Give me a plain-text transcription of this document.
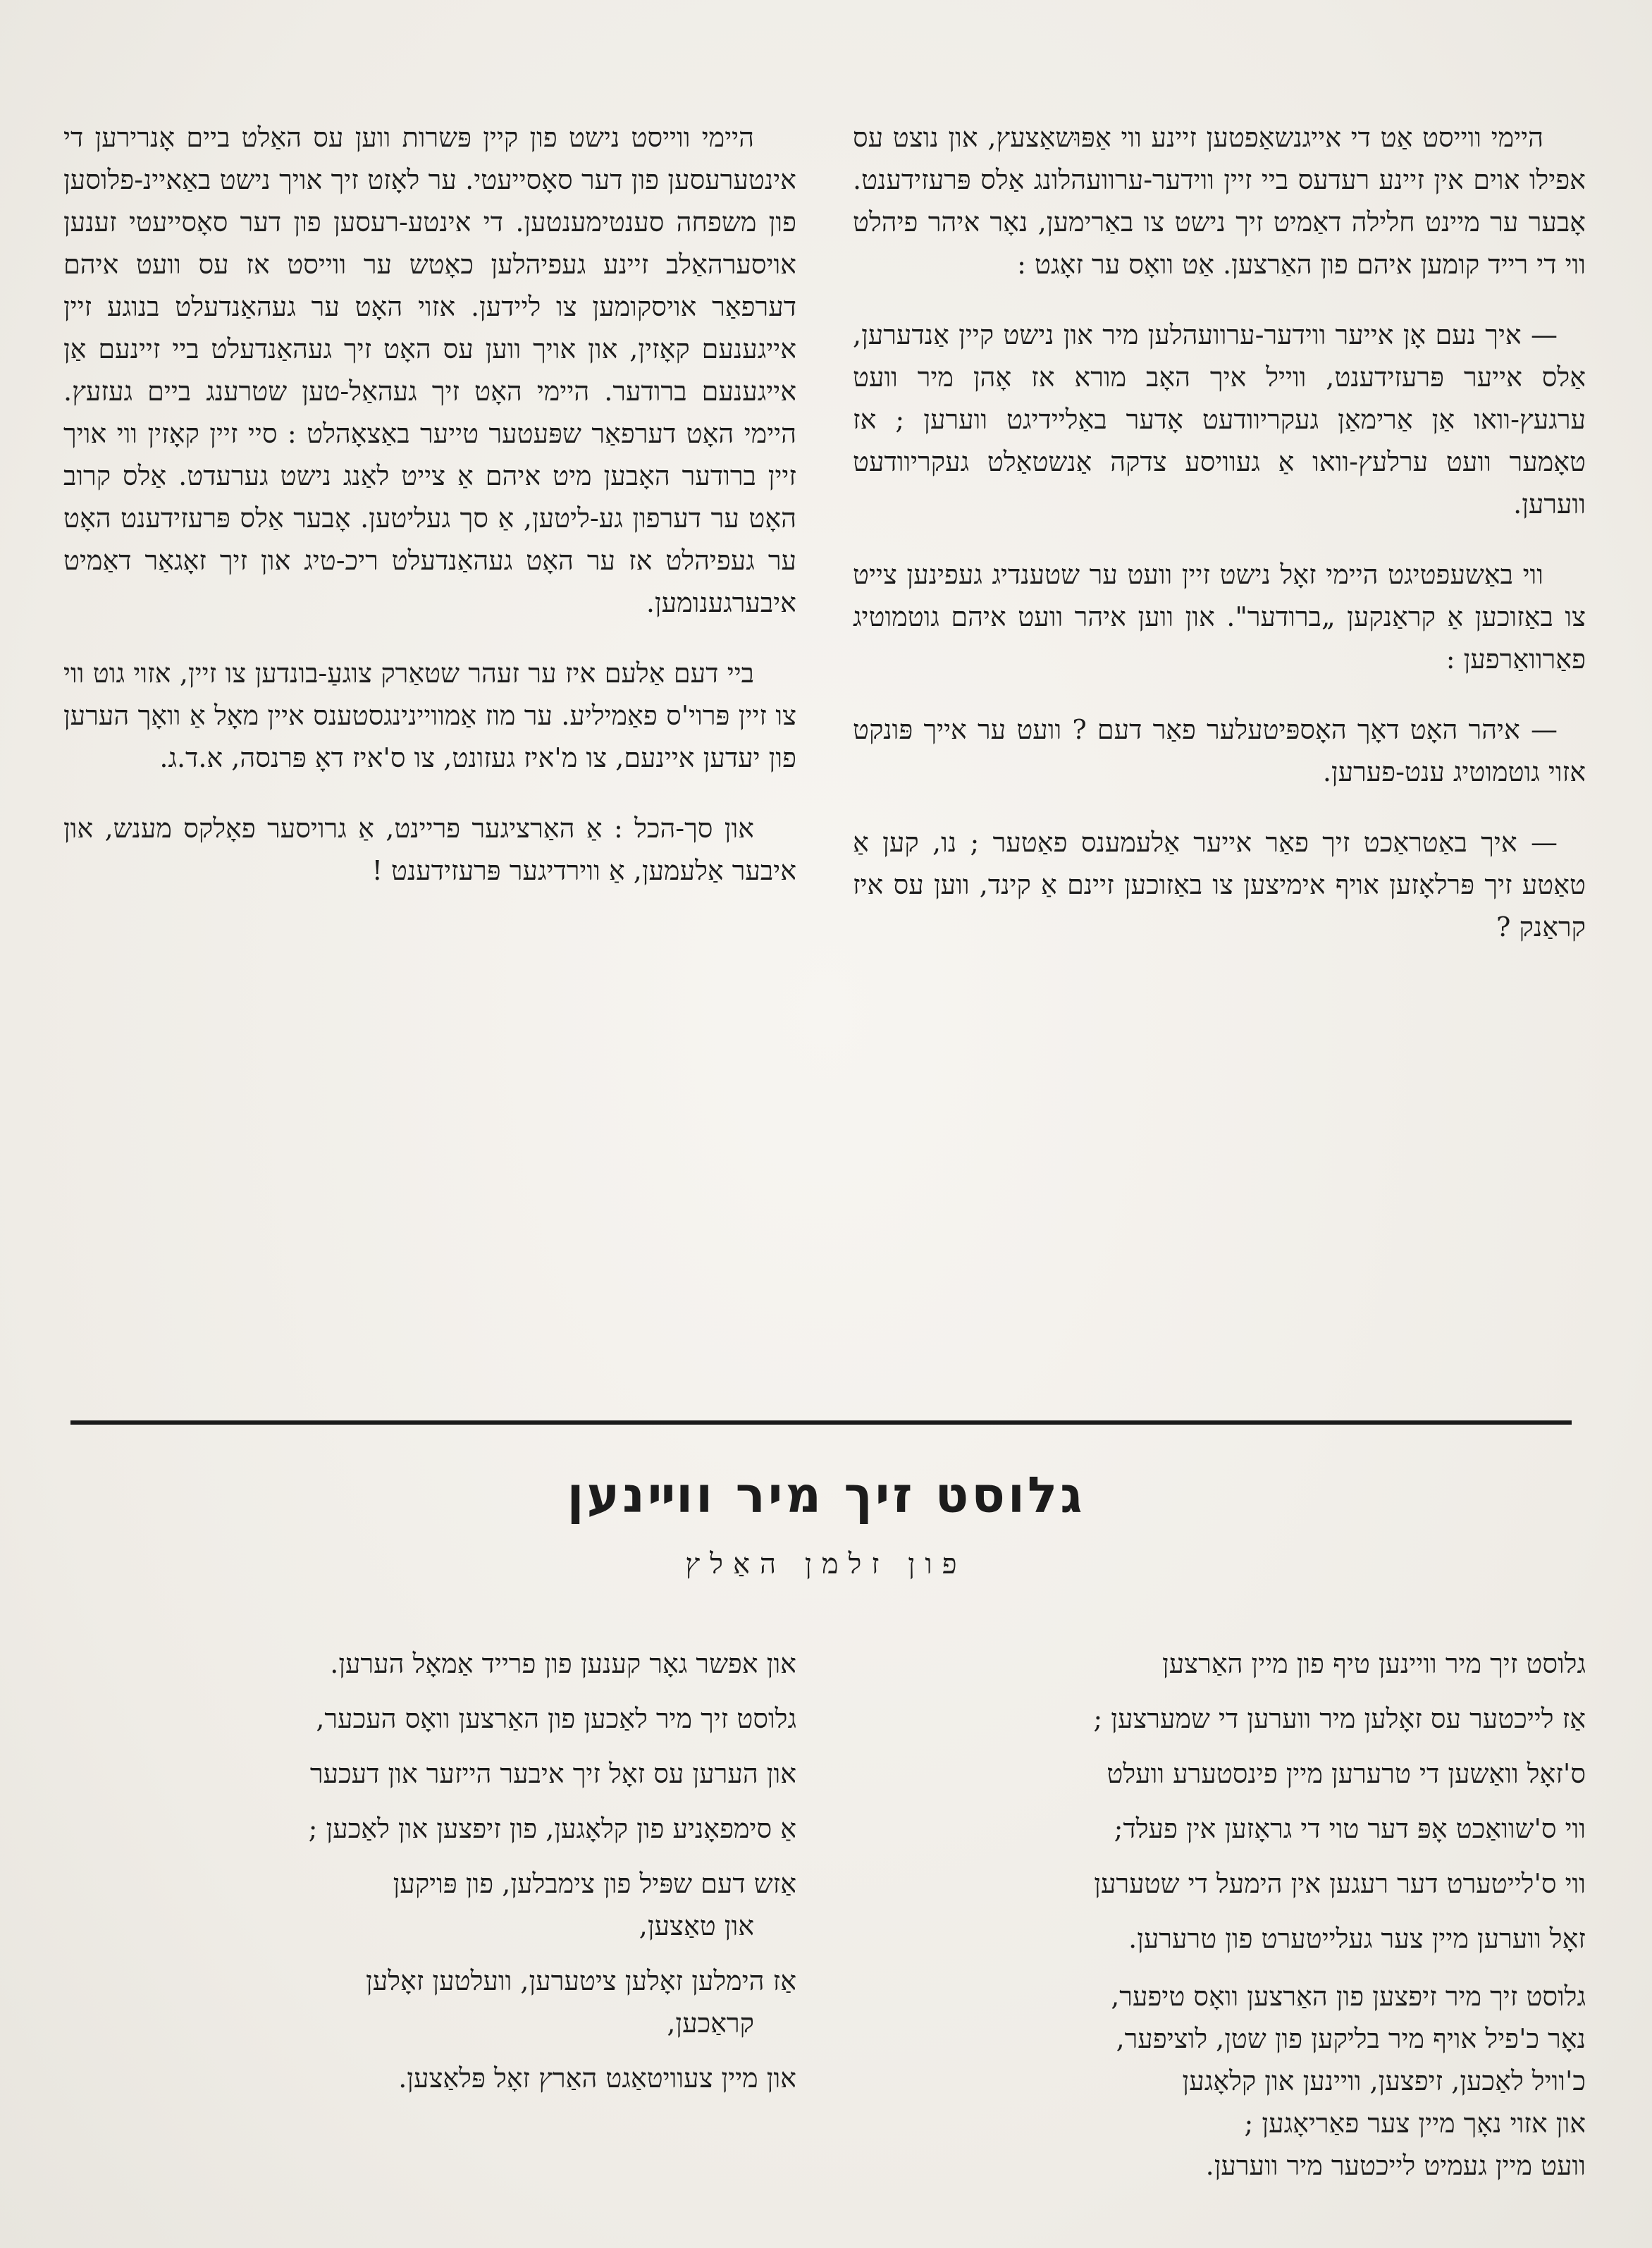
היימי ווייסט אַט די אייגנשאַפטען זיינע ווי אַפּוּשאַצעץ, און נוצט עס אפילו אוים אין זיינע רעדעס ביי זיין ווידער-ערוועהלונג אַלס פּרעזידענט. אָבער ער מיינט חלילה דאַמיט זיך נישט צו באַרימען, נאָר איהר פיהלט ווי די רייד קומען איהם פון האַרצען. אַט וואָס ער זאָגט :

— איך נעם אָן אייער ווידער-ערוועהלען מיר און נישט קיין אַנדערען, אַלס אייער פּרעזידענט, ווייל איך האָב מורא אז אָהן מיר וועט ערגעץ-וואו אַן אַרימאַן געקריוודעט אָדער באַליידיגט ווערען ; אז טאָמער וועט ערלעץ-וואו אַ געוויסע צדקה אַנשטאַלט געקריוודעט ווערען.

ווי באַשעפטיגט היימי זאָל נישט זיין וועט ער שטענדיג געפינען צייט צו באַזוכען אַ קראַנקען „ברודער". און ווען איהר וועט איהם גוטמוטיג פאַרוואַרפען :

— איהר האָט דאָך האָספּיטעלער פאַר דעם ? וועט ער אייך פּונקט אזוי גוטמוטיג ענט-פערען.

— איך באַטראַכט זיך פאַר אייער אַלעמענס פאַטער ; נו, קען אַ טאַטע זיך פּרלאָזען אויף אימיצען צו באַזוכען זיינם אַ קינד, ווען עס איז קראַנק ?

היימי ווייסט נישט פון קיין פּשרות ווען עס האַלט ביים אָנרירען די אינטערעסען פון דער סאָסייעטי. ער לאָזט זיך אויך נישט באַאיינ-פלוסען פון משפחה סענטימענטען. די אינטע-רעסען פון דער סאָסייעטי זענען אויסערהאַלב זיינע געפיהלען כאָטש ער ווייסט אז עס וועט איהם דערפאַר אויסקומען צו ליידען. אזוי האָט ער געהאַנדעלט בנוגע זיין אייגענעם קאָזין, און אויך ווען עס האָט זיך געהאַנדעלט ביי זיינעם אַן אייגענעם ברודער. היימי האָט זיך געהאַל-טען שטרענג ביים געזעץ. היימי האָט דערפאַר שפּעטער טייער באַצאָהלט : סיי זיין קאָזין ווי אויך זיין ברודער האָבען מיט איהם אַ צייט לאַנג נישט גערעדט. אַלס קרוב האָט ער דערפון גע-ליטען, אַ סך געליטען. אָבער אַלס פּרעזידענט האָט ער געפיהלט אז ער האָט געהאַנדעלט ריכ-טיג און זיך זאָגאַר דאַמיט איבערגענומען.

ביי דעם אַלעם איז ער זעהר שטאַרק צוגעַ-בונדען צו זיין, אזוי גוט ווי צו זיין פּרוי'ס פאַמיליע. ער מוז אַמוויינינגסטענס איין מאָל אַ וואָך הערען פון יעדען איינעם, צו מ'איז געזונט, צו ס'איז דאָ פּרנסה, א.ד.ג.

און סך-הכל : אַ האַרציגער פריינט, אַ גרויסער פאָלקס מענש, און איבער אַלעמען, אַ ווירדיגער פּרעזידענט !

גלוסט זיך מיר ווײנען
פון זלמן האַלץ
גלוסט זיך מיר וויינען טיף פון מיין האַרצען
אַז לייכטער עס זאָלען מיר ווערען די שמערצען ;
ס'זאָל וואַשען די טרערען מיין פינסטערע וועלט
ווי ס'שוואַכט אָפּ דער טוי די גראָזען אין פעלד;
ווי ס'לייטערט דער רעגען אין הימעל די שטערען
זאָל ווערען מיין צער געלייטערט פון טרערען.
גלוסט זיך מיר זיפצען פון האַרצען וואָס טיפער,
נאָר כ'פיל אויף מיר בליקען פון שטן, לוציפער,
כ'וויל לאַכען, זיפצען, וויינען און קלאָגען
און אזוי נאָך מיין צער פאַריאָגען ;
וועט מיין געמיט לייכטער מיר ווערען.
און אפשר גאָר קענען פון פרייד אַמאָל הערען.
גלוסט זיך מיר לאַכען פון האַרצען וואָס העכער,
און הערען עס זאָל זיך איבער הייזער און דעכער
אַ סימפאָניע פון קלאָגען, פון זיפצען און לאַכען ;
אַזש דעם שפּיל פון צימבלען, פון פּויקען
און טאַצען,
אַז הימלען זאָלען ציטערען, וועלטען זאָלען
קראַכען,
און מיין צעוויטאַגט האַרץ זאָל פּלאַצען.
